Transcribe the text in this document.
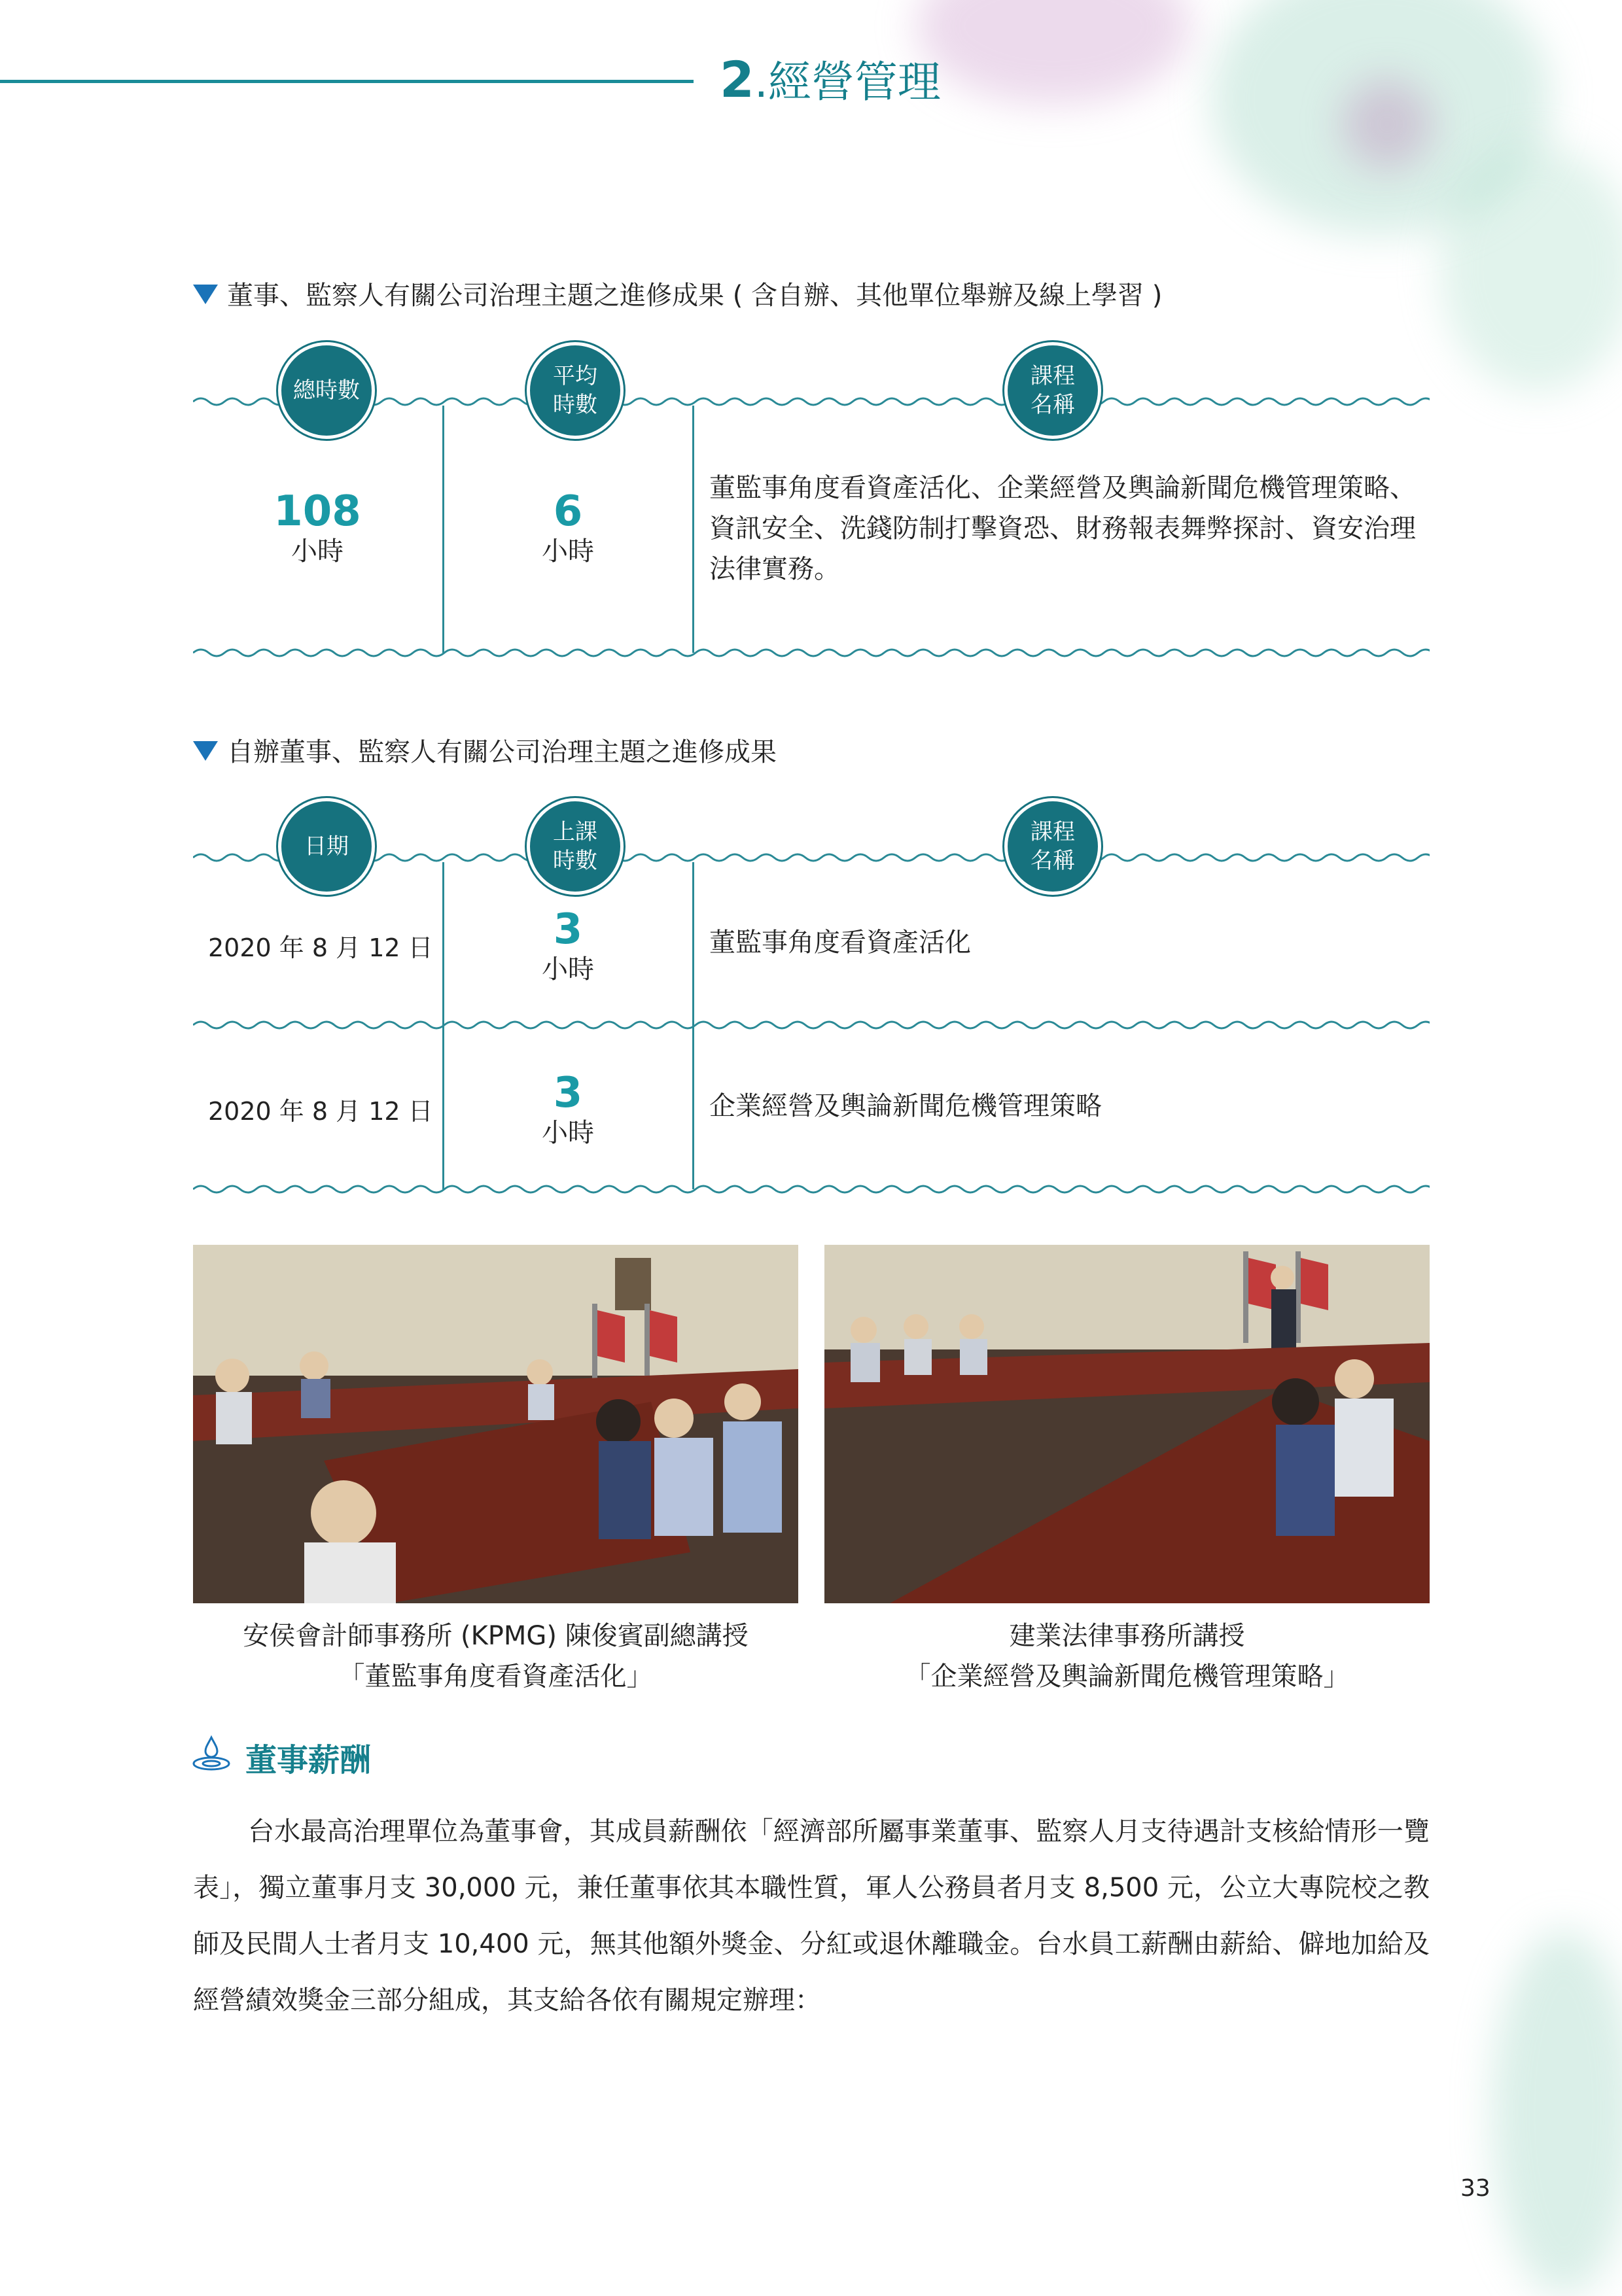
2.經營管理
董事、監察人有關公司治理主題之進修成果 ( 含自辦、其他單位舉辦及線上學習 )
總時數
平均
時數
課程
名稱
108
小時
6
小時
董監事角度看資產活化、企業經營及輿論新聞危機管理策略、資訊安全、洗錢防制打擊資恐、財務報表舞弊探討、資安治理法律實務。
自辦董事、監察人有關公司治理主題之進修成果
日期
上課
時數
課程
名稱
2020 年 8 月 12 日	3
小時
董監事角度看資產活化
2020 年 8 月 12 日	3
小時
企業經營及輿論新聞危機管理策略
安侯會計師事務所 (KPMG) 陳俊賓副總講授
「董監事角度看資產活化」
建業法律事務所講授
「企業經營及輿論新聞危機管理策略」
董事薪酬
台水最高治理單位為董事會，其成員薪酬依「經濟部所屬事業董事、監察人月支待遇計支核給情形一覽表」，獨立董事月支 30,000 元，兼任董事依其本職性質，軍人公務員者月支 8,500 元，公立大專院校之教師及民間人士者月支 10,400 元，無其他額外獎金、分紅或退休離職金。台水員工薪酬由薪給、僻地加給及經營績效獎金三部分組成，其支給各依有關規定辦理：
33
